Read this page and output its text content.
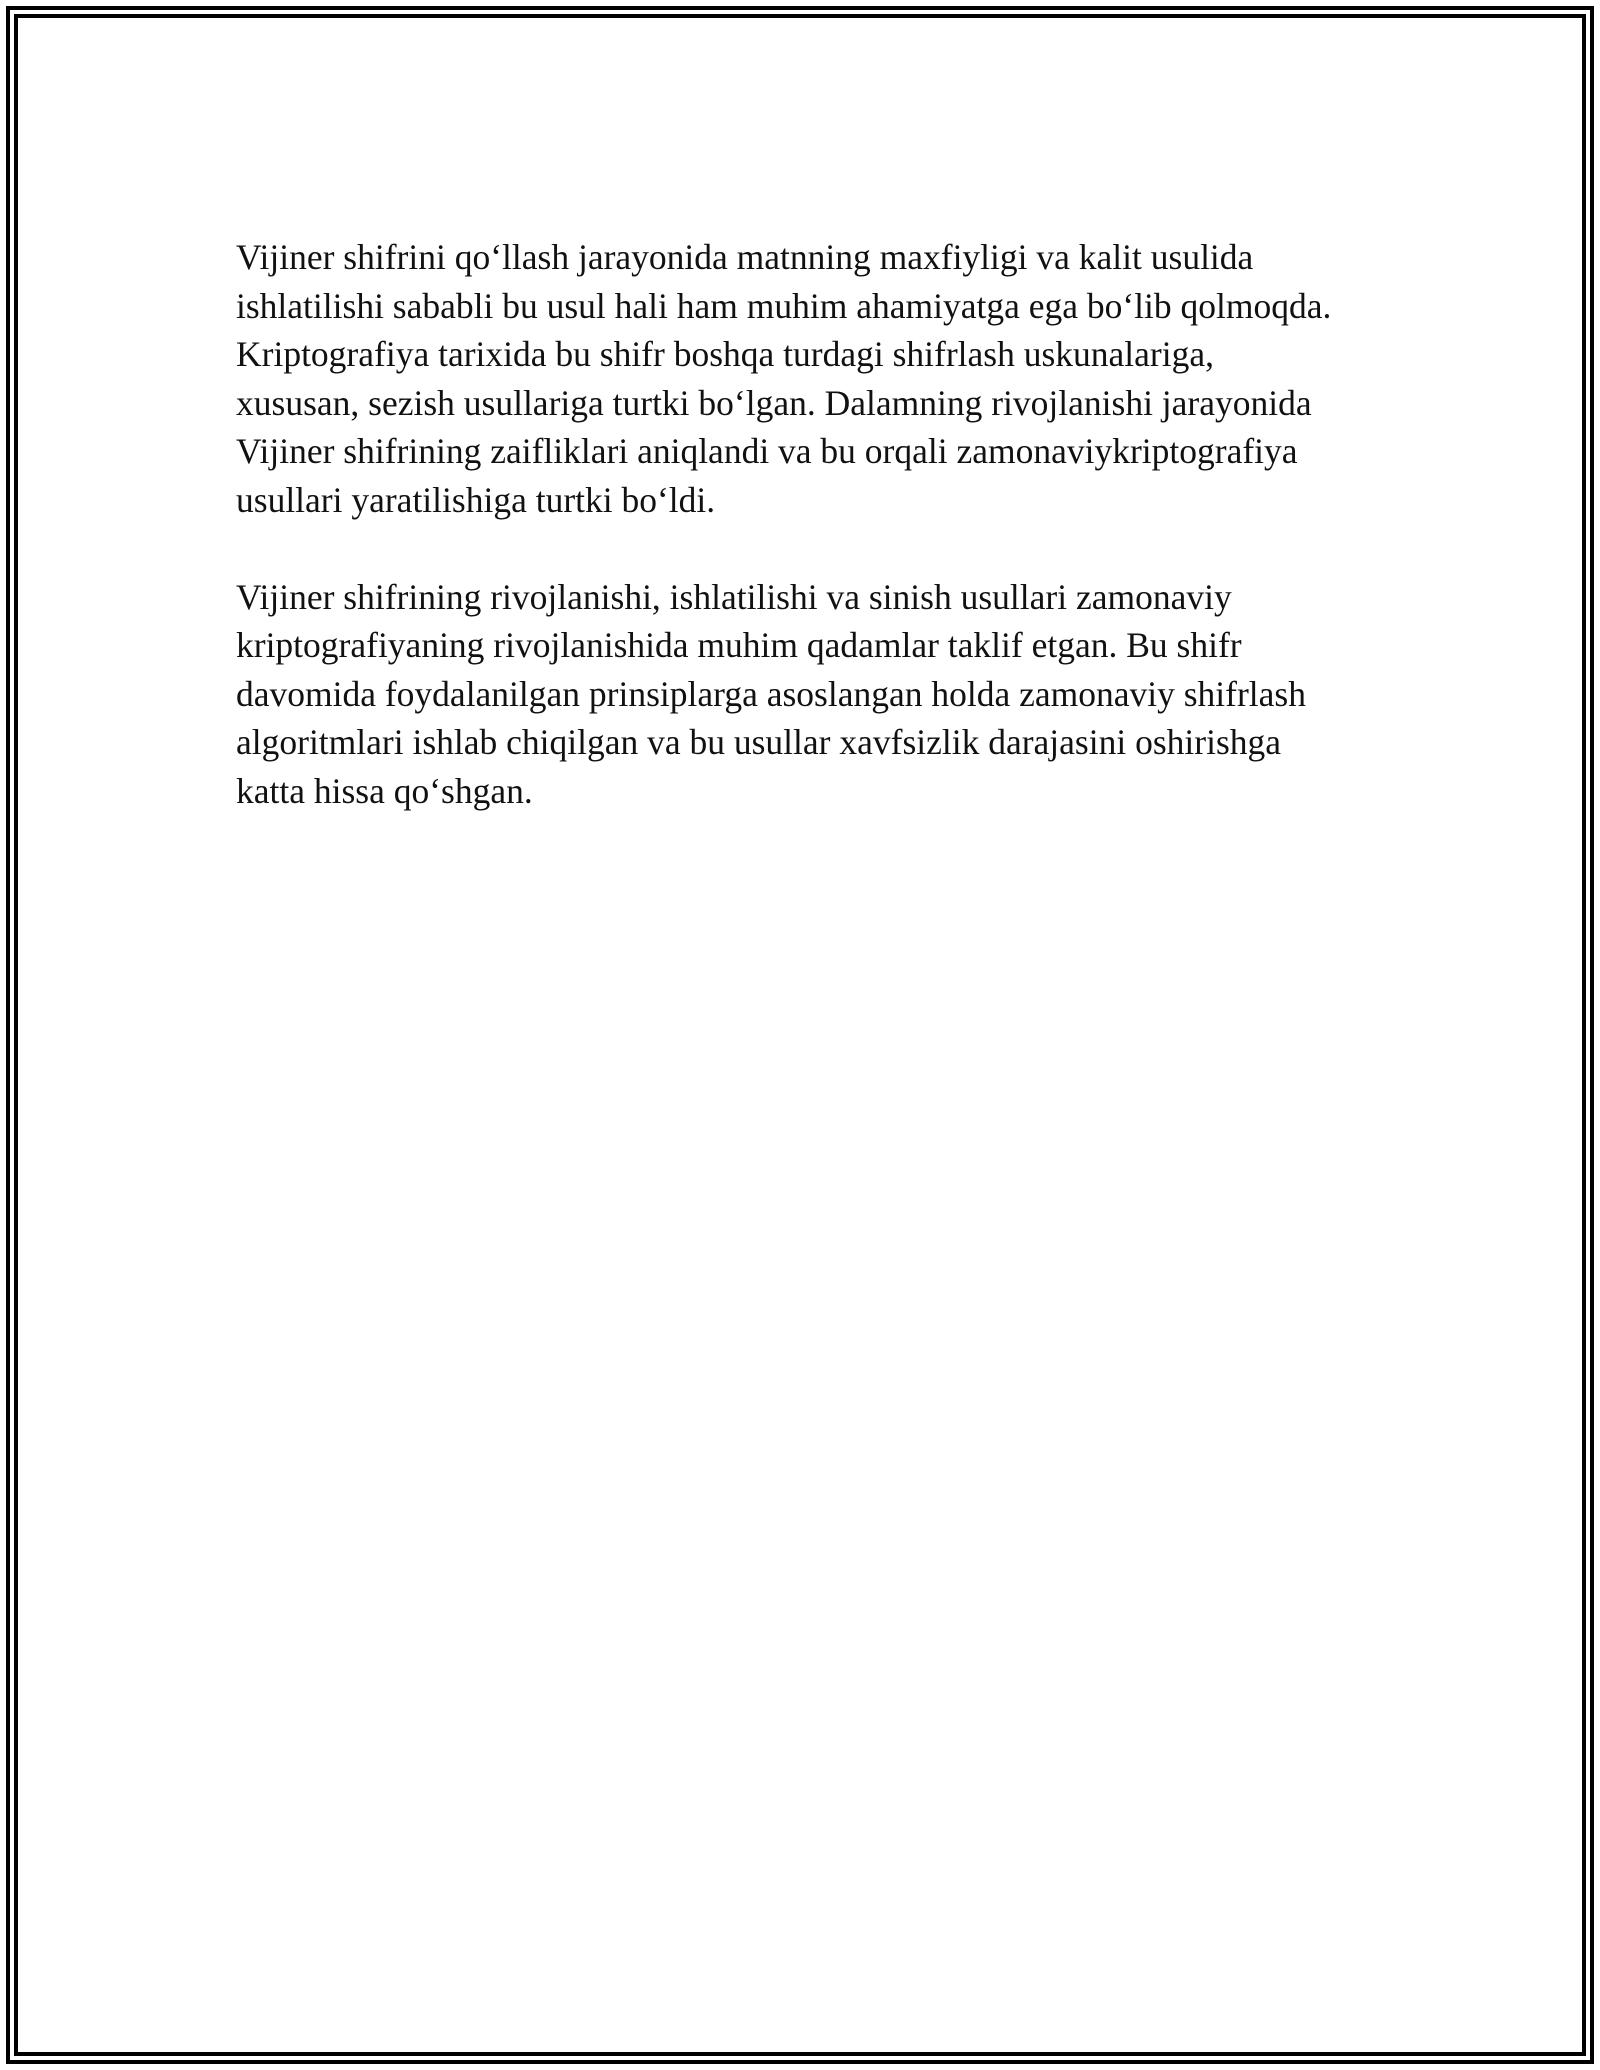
Vijiner shifrini qo‘llash jarayonida matnning maxfiyligi va kalit usulida
ishlatilishi sababli bu usul hali ham muhim ahamiyatga ega bo‘lib qolmoqda.
Kriptografiya tarixida bu shifr boshqa turdagi shifrlash uskunalariga,
xususan, sezish usullariga turtki bo‘lgan. Dalamning rivojlanishi jarayonida
Vijiner shifrining zaifliklari aniqlandi va bu orqali zamonaviykriptografiya
usullari yaratilishiga turtki bo‘ldi.

Vijiner shifrining rivojlanishi, ishlatilishi va sinish usullari zamonaviy
kriptografiyaning rivojlanishida muhim qadamlar taklif etgan. Bu shifr
davomida foydalanilgan prinsiplarga asoslangan holda zamonaviy shifrlash
algoritmlari ishlab chiqilgan va bu usullar xavfsizlik darajasini oshirishga
katta hissa qo‘shgan.
